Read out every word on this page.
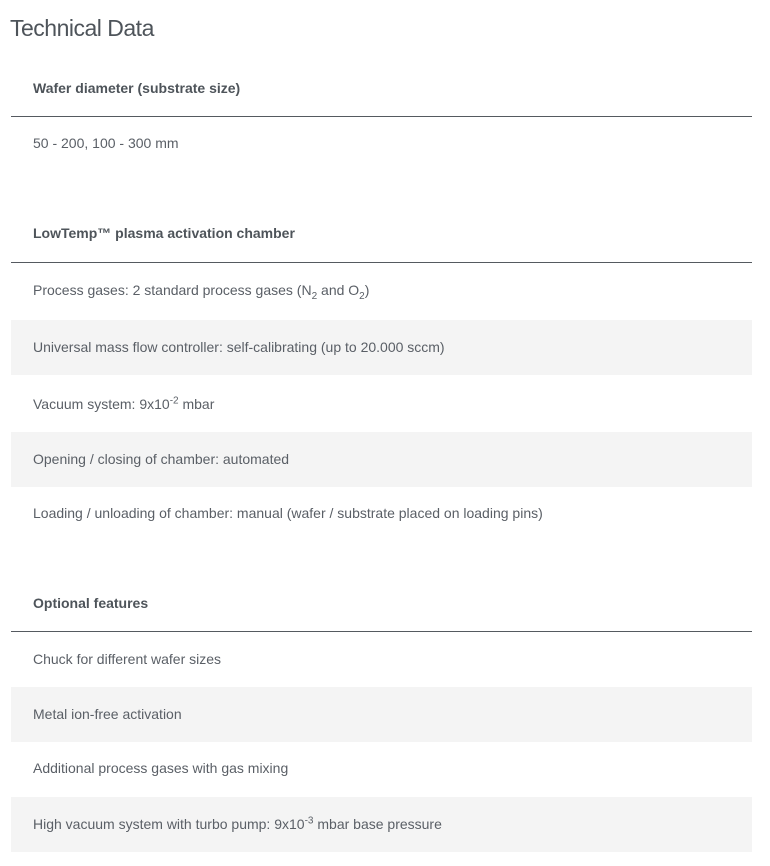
Technical Data
Wafer diameter (substrate size)
50 - 200, 100 - 300 mm
LowTemp™ plasma activation chamber
Process gases: 2 standard process gases ($N_2$ and $O_2$)
Universal mass flow controller: self-calibrating (up to 20.000 sccm)
Vacuum system: $9x10^{-2}$ mbar
Opening / closing of chamber: automated
Loading / unloading of chamber: manual (wafer / substrate placed on loading pins)
Optional features
Chuck for different wafer sizes
Metal ion-free activation
Additional process gases with gas mixing
High vacuum system with turbo pump: $9x10^{-3}$ mbar base pressure
